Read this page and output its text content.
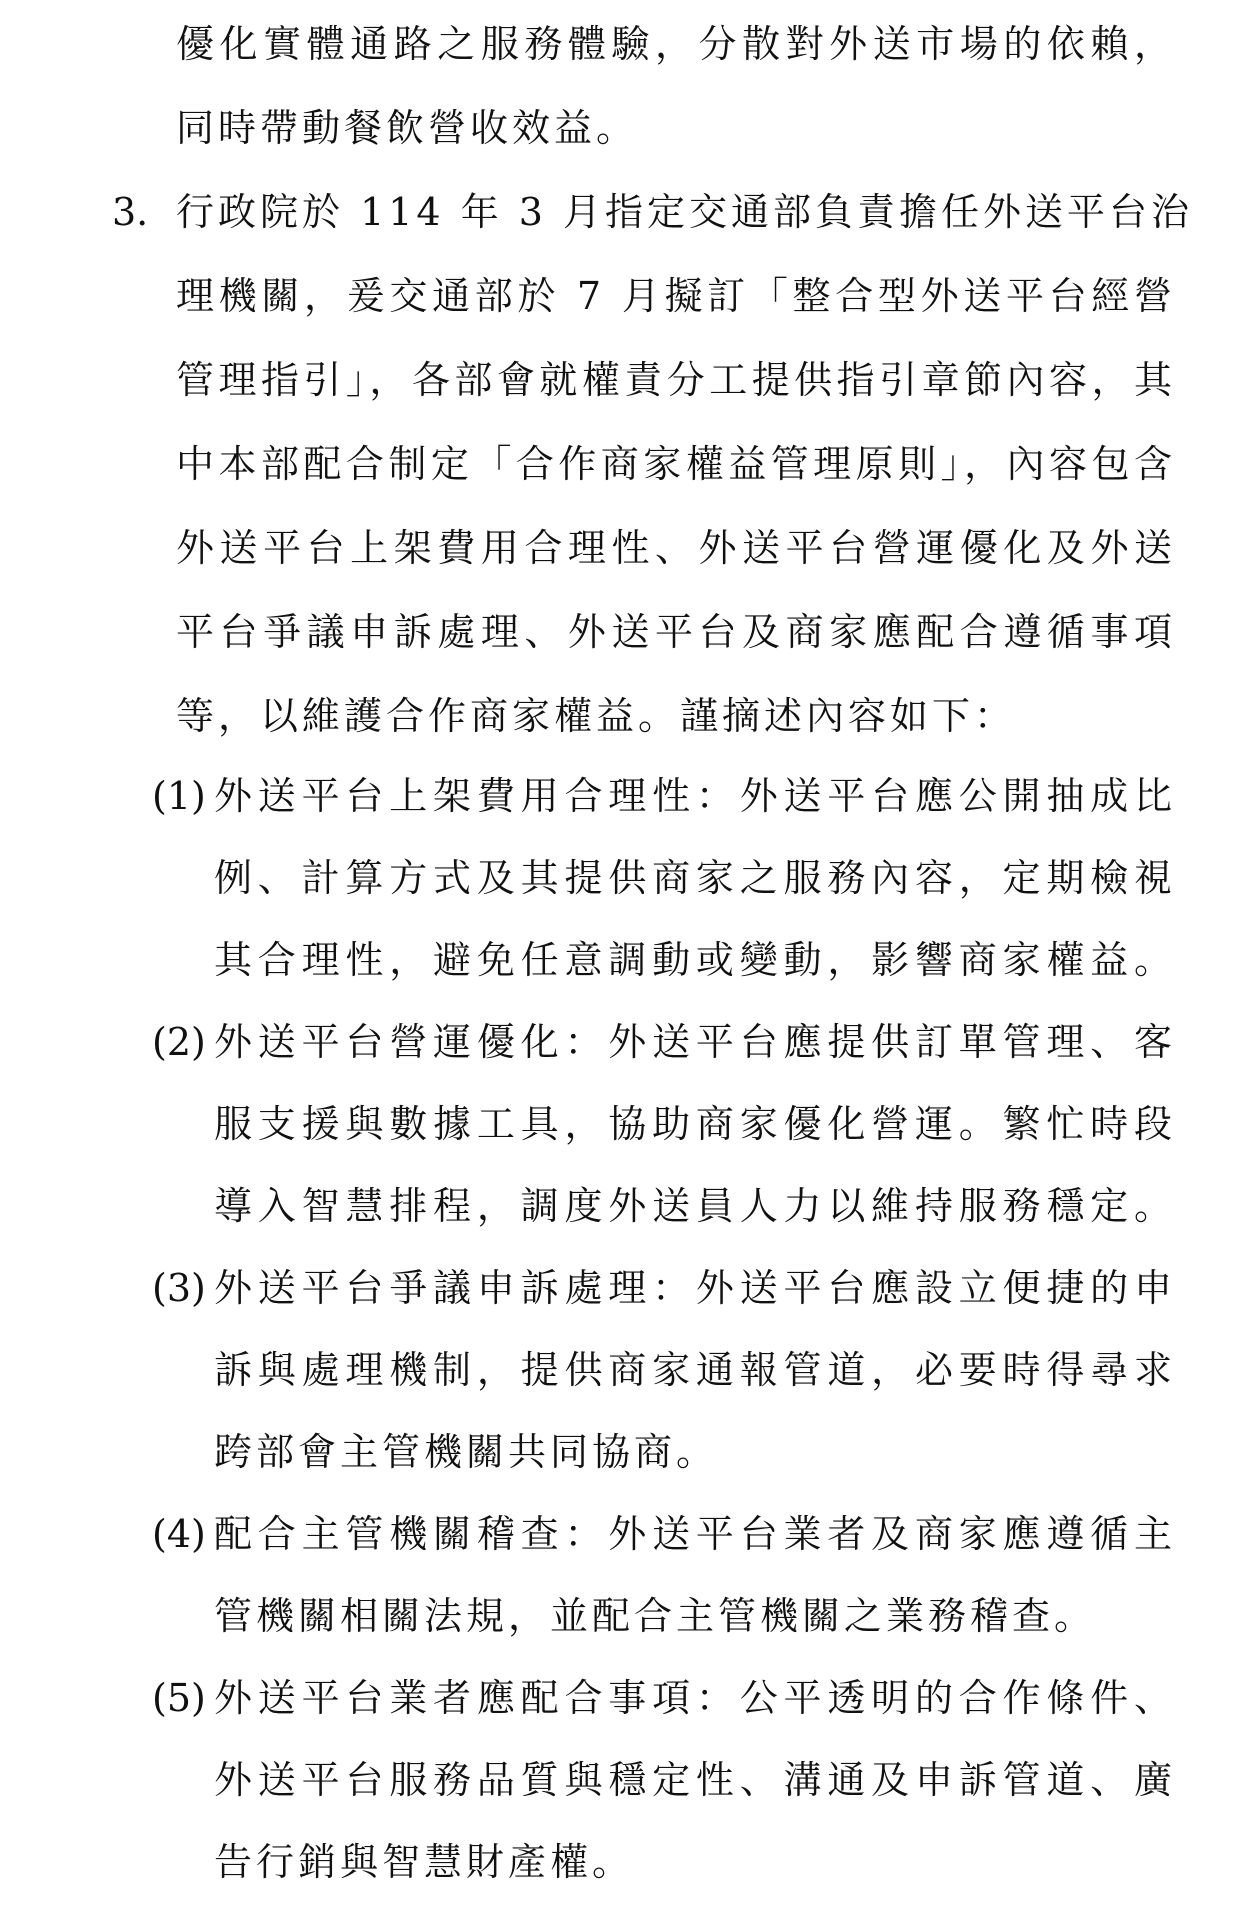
優化實體通路之服務體驗，分散對外送市場的依賴，
同時帶動餐飲營收效益。
3. 行政院於 114 年 3 月指定交通部負責擔任外送平台治
理機關，爰交通部於 7 月擬訂「整合型外送平台經營
管理指引」，各部會就權責分工提供指引章節內容，其
中本部配合制定「合作商家權益管理原則」，內容包含
外送平台上架費用合理性、外送平台營運優化及外送
平台爭議申訴處理、外送平台及商家應配合遵循事項
等，以維護合作商家權益。謹摘述內容如下：
(1) 外送平台上架費用合理性：外送平台應公開抽成比
例、計算方式及其提供商家之服務內容，定期檢視
其合理性，避免任意調動或變動，影響商家權益。
(2) 外送平台營運優化：外送平台應提供訂單管理、客
服支援與數據工具，協助商家優化營運。繁忙時段
導入智慧排程，調度外送員人力以維持服務穩定。
(3) 外送平台爭議申訴處理：外送平台應設立便捷的申
訴與處理機制，提供商家通報管道，必要時得尋求
跨部會主管機關共同協商。
(4) 配合主管機關稽查：外送平台業者及商家應遵循主
管機關相關法規，並配合主管機關之業務稽查。
(5) 外送平台業者應配合事項：公平透明的合作條件、
外送平台服務品質與穩定性、溝通及申訴管道、廣
告行銷與智慧財產權。
